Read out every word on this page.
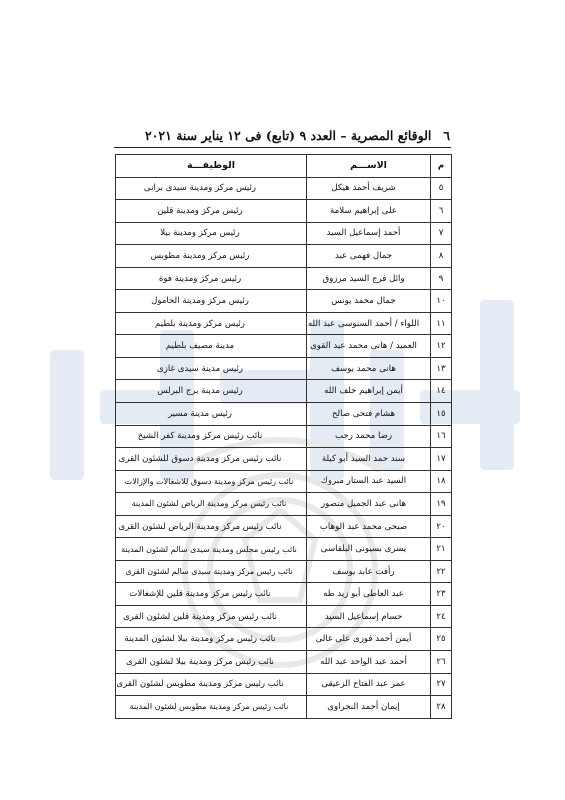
٦
الوقائع المصرية – العدد ٩ (تابع) فى ١٢ يناير سنة ٢٠٢١
م	الاســـم	الوظيفـــة
٥	شريف أحمد هيكل	رئيس مركز ومدينة سيدى برانى
٦	على إبراهيم سلامة	رئيس مركز ومدينة قلين
٧	أحمد إسماعيل السيد	رئيس مركز ومدينة بيلا
٨	جمال فهمى عبد	رئيس مركز ومدينة مطوبس
٩	وائل فرج السيد مرزوق	رئيس مركز ومدينة فوة
١٠	جمال محمد يونس	رئيس مركز ومدينة الحامول
١١	اللواء / أحمد السنوسى عبد الله	رئيس مركز ومدينة بلطيم
١٢	العميد / هانى محمد عبد القوى	مدينة مصيف بلطيم
١٣	هانى محمد يوسف	رئيس مدينة سيدى غازى
١٤	أيمن إبراهيم خلف الله	رئيس مدينة برج البرلس
١٥	هشام فتحى صالح	رئيس مدينة مسير
١٦	رضا محمد رجب	نائب رئيس مركز ومدينة كفر الشيخ
١٧	سند حمد السيد أبو كيلة	نائب رئيس مركز ومدينة دسوق للشئون القرى
١٨	السيد عبد الستار مبروك	نائب رئيس مركز ومدينة دسوق للاشغالات والإزالات
١٩	هانى عبد الجميل منصور	نائب رئيس مركز ومدينة الرياض لشئون المدينة
٢٠	صبحى محمد عبد الوهاب	نائب رئيس مركز ومدينة الرياض لشئون القرى
٢١	يسرى بسيونى البلقاسى	نائب رئيس مجلس ومدينة سيدى سالم لشئون المدينة
٢٢	رأفت عابد يوسف	نائب رئيس مركز ومدينة سيدى سالم لشئون القرى
٢٣	عبد العاطى أبو زيد طه	نائب رئيس مركز ومدينة قلين للإشغالات
٢٤	حسام إسماعيل السيد	نائب رئيس مركز ومدينة قلين لشئون القرى
٢٥	أيمن أحمد فوزى على غالى	نائب رئيس مركز ومدينة بيلا لشئون المدينة
٢٦	أحمد عبد الواحد عبد الله	نائب رئيس مركز ومدينة بيلا لشئون القرى
٢٧	عمر عبد الفتاح الزعيقى	نائب رئيس مركز ومدينة مطوبس لشئون القرى
٢٨	إيمان أحمد النحراوى	نائب رئيس مركز ومدينة مطوبس لشئون المدينة
